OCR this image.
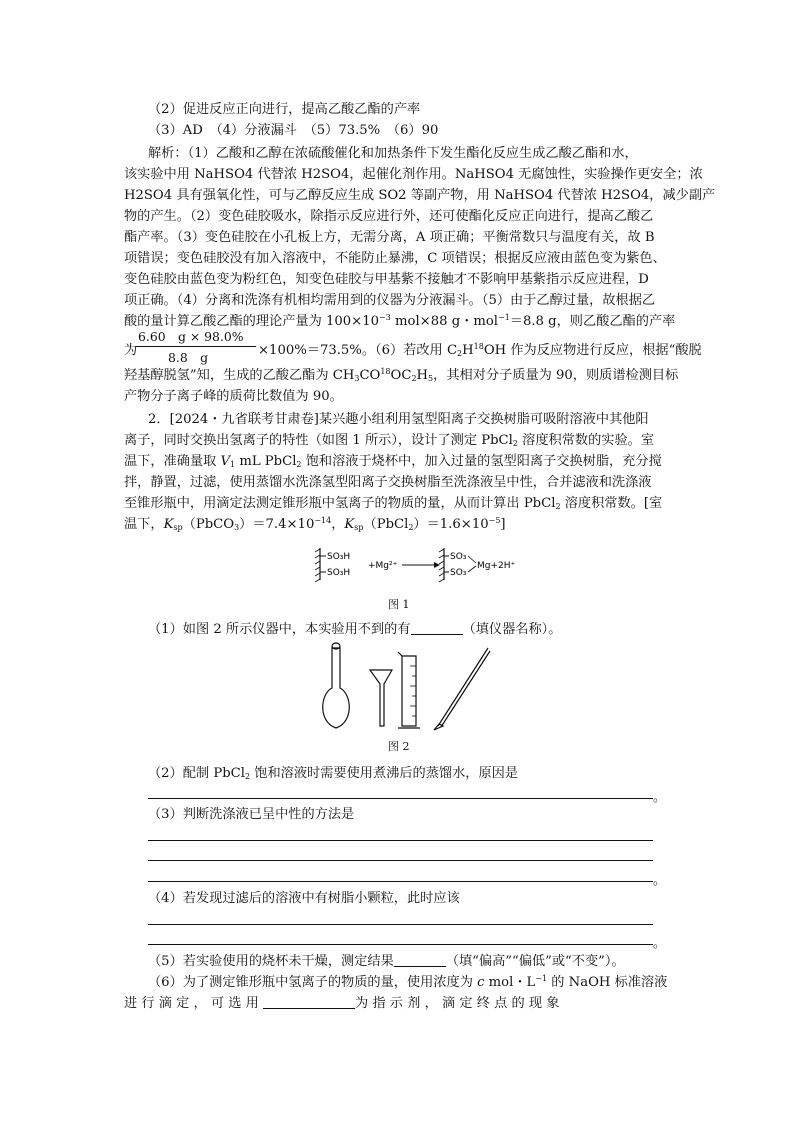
（2）促进反应正向进行，提高乙酸乙酯的产率
（3）AD　（4）分液漏斗　（5）73.5%　（6）90
解析：（1）乙酸和乙醇在浓硫酸催化和加热条件下发生酯化反应生成乙酸乙酯和水，
该实验中用 NaHSO4 代替浓 H2SO4，起催化剂作用。NaHSO4 无腐蚀性，实验操作更安全；浓
H2SO4 具有强氧化性，可与乙醇反应生成 SO2 等副产物，用 NaHSO4 代替浓 H2SO4，减少副产
物的产生。（2）变色硅胶吸水，除指示反应进行外，还可使酯化反应正向进行，提高乙酸乙
酯产率。（3）变色硅胶在小孔板上方，无需分离，A 项正确；平衡常数只与温度有关，故 B
项错误；变色硅胶没有加入溶液中，不能防止暴沸，C 项错误；根据反应液由蓝色变为紫色、
变色硅胶由蓝色变为粉红色，知变色硅胶与甲基紫不接触才不影响甲基紫指示反应进程，D
项正确。（4）分离和洗涤有机相均需用到的仪器为分液漏斗。（5）由于乙醇过量，故根据乙
酸的量计算乙酸乙酯的理论产量为 $100\times 10^{-3}$ mol×88 g・mol$^{-1}$＝8.8 g，则乙酸乙酯的产率
为
6.60　g × 98.0%
8.8　g	×100%＝73.5%。（6）若改用 $C_2H^{18}OH$ 作为反应物进行反应，根据“酸脱
羟基醇脱氢”知，生成的乙酸乙酯为 $CH_3CO^{18}OC_2H_5$，其相对分子质量为 90，则质谱检测目标
产物分子离子峰的质荷比数值为 90。
2．[2024・九省联考甘肃卷]某兴趣小组利用氢型阳离子交换树脂可吸附溶液中其他阳
离子，同时交换出氢离子的特性（如图 1 所示），设计了测定 PbCl$_2$ 溶度积常数的实验。室
温下，准确量取 $V_1$ mL PbCl$_2$ 饱和溶液于烧杯中，加入过量的氢型阳离子交换树脂，充分搅
拌，静置，过滤，使用蒸馏水洗涤氢型阳离子交换树脂至洗涤液呈中性，合并滤液和洗涤液
至锥形瓶中，用滴定法测定锥形瓶中氢离子的物质的量，从而计算出 PbCl$_2$ 溶度积常数。[室
温下，$K_{sp}(PbCO_3)=7.4\times 10^{-14}$，$K_{sp}(PbCl_2)=1.6\times 10^{-5}$]
SO₃H
SO₃H
+Mg²⁺
SO₃
SO₃
Mg+2H⁺
图 1
（1）如图 2 所示仪器中，本实验用不到的有	（填仪器名称）。
图 2
（2）配制 PbCl$_2$ 饱和溶液时需要使用煮沸后的蒸馏水，原因是
。
（3）判断洗涤液已呈中性的方法是
。
（4）若发现过滤后的溶液中有树脂小颗粒，此时应该
。
（5）若实验使用的烧杯未干燥，测定结果	（填“偏高”“偏低”或“不变”）。
（6）为了测定锥形瓶中氢离子的物质的量，使用浓度为 c mol・$L^{-1}$ 的 NaOH 标准溶液
进 行 滴 定 ， 可 选 用	为 指 示 剂 ， 滴 定 终 点 的 现 象
